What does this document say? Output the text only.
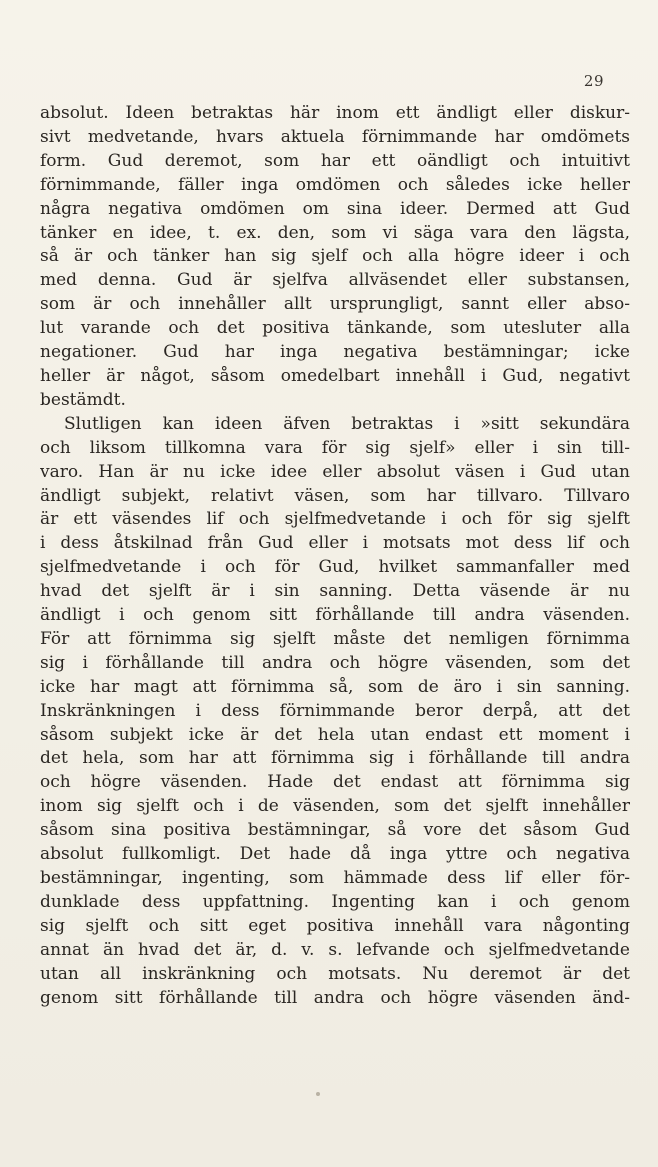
29
absolut. Ideen betraktas här inom ett ändligt eller diskur-
sivt medvetande, hvars aktuela förnimmande har omdömets
form. Gud deremot, som har ett oändligt och intuitivt
förnimmande, fäller inga omdömen och således icke heller
några negativa omdömen om sina ideer. Dermed att Gud
tänker en idee, t. ex. den, som vi säga vara den lägsta,
så är och tänker han sig sjelf och alla högre ideer i och
med denna. Gud är sjelfva allväsendet eller substansen,
som är och innehåller allt ursprungligt, sannt eller abso-
lut varande och det positiva tänkande, som utesluter alla
negationer. Gud har inga negativa bestämningar; icke
heller är något, såsom omedelbart innehåll i Gud, negativt
bestämdt.
Slutligen kan ideen äfven betraktas i »sitt sekundära
och liksom tillkomna vara för sig sjelf» eller i sin till-
varo. Han är nu icke idee eller absolut väsen i Gud utan
ändligt subjekt, relativt väsen, som har tillvaro. Tillvaro
är ett väsendes lif och sjelfmedvetande i och för sig sjelft
i dess åtskilnad från Gud eller i motsats mot dess lif och
sjelfmedvetande i och för Gud, hvilket sammanfaller med
hvad det sjelft är i sin sanning. Detta väsende är nu
ändligt i och genom sitt förhållande till andra väsenden.
För att förnimma sig sjelft måste det nemligen förnimma
sig i förhållande till andra och högre väsenden, som det
icke har magt att förnimma så, som de äro i sin sanning.
Inskränkningen i dess förnimmande beror derpå, att det
såsom subjekt icke är det hela utan endast ett moment i
det hela, som har att förnimma sig i förhållande till andra
och högre väsenden. Hade det endast att förnimma sig
inom sig sjelft och i de väsenden, som det sjelft innehåller
såsom sina positiva bestämningar, så vore det såsom Gud
absolut fullkomligt. Det hade då inga yttre och negativa
bestämningar, ingenting, som hämmade dess lif eller för-
dunklade dess uppfattning. Ingenting kan i och genom
sig sjelft och sitt eget positiva innehåll vara någonting
annat än hvad det är, d. v. s. lefvande och sjelfmedvetande
utan all inskränkning och motsats. Nu deremot är det
genom sitt förhållande till andra och högre väsenden änd-
